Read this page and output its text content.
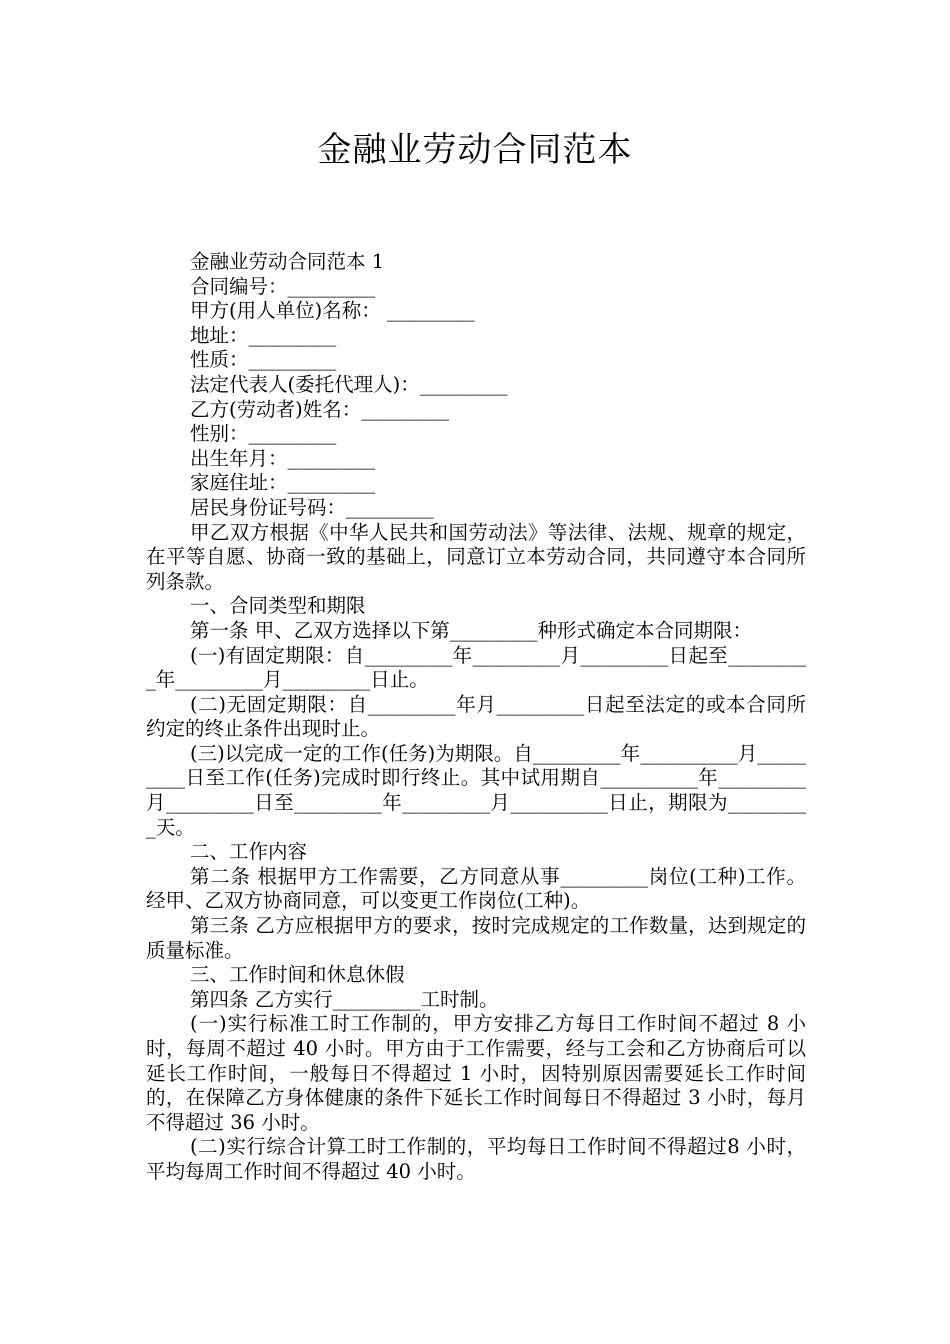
金融业劳动合同范本

金融业劳动合同范本 1

合同编号：_________

甲方(用人单位)名称： _________

地址：_________

性质：_________

法定代表人(委托代理人)：_________

乙方(劳动者)姓名：_________

性别：_________

出生年月：_________

家庭住址：_________

居民身份证号码：_________

甲乙双方根据《中华人民共和国劳动法》等法律、法规、规章的规定，在平等自愿、协商一致的基础上，同意订立本劳动合同，共同遵守本合同所列条款。

一、合同类型和期限

第一条 甲、乙双方选择以下第_________种形式确定本合同期限：

(一)有固定期限：自_________年_________月_________日起至_________年_________月_________日止。

(二)无固定期限：自_________年月_________日起至法定的或本合同所约定的终止条件出现时止。

(三)以完成一定的工作(任务)为期限。自_________年__________月_________日至工作(任务)完成时即行终止。其中试用期自__________年_________月_________日至_________年_________月__________日止，期限为_________天。

二、工作内容

第二条 根据甲方工作需要，乙方同意从事_________岗位(工种)工作。经甲、乙双方协商同意，可以变更工作岗位(工种)。

第三条 乙方应根据甲方的要求，按时完成规定的工作数量，达到规定的质量标准。

三、工作时间和休息休假

第四条 乙方实行_________工时制。

(一)实行标准工时工作制的，甲方安排乙方每日工作时间不超过 8 小时，每周不超过 40 小时。甲方由于工作需要，经与工会和乙方协商后可以延长工作时间，一般每日不得超过 1 小时，因特别原因需要延长工作时间的，在保障乙方身体健康的条件下延长工作时间每日不得超过 3 小时，每月不得超过 36 小时。

(二)实行综合计算工时工作制的，平均每日工作时间不得超过8 小时，平均每周工作时间不得超过 40 小时。
